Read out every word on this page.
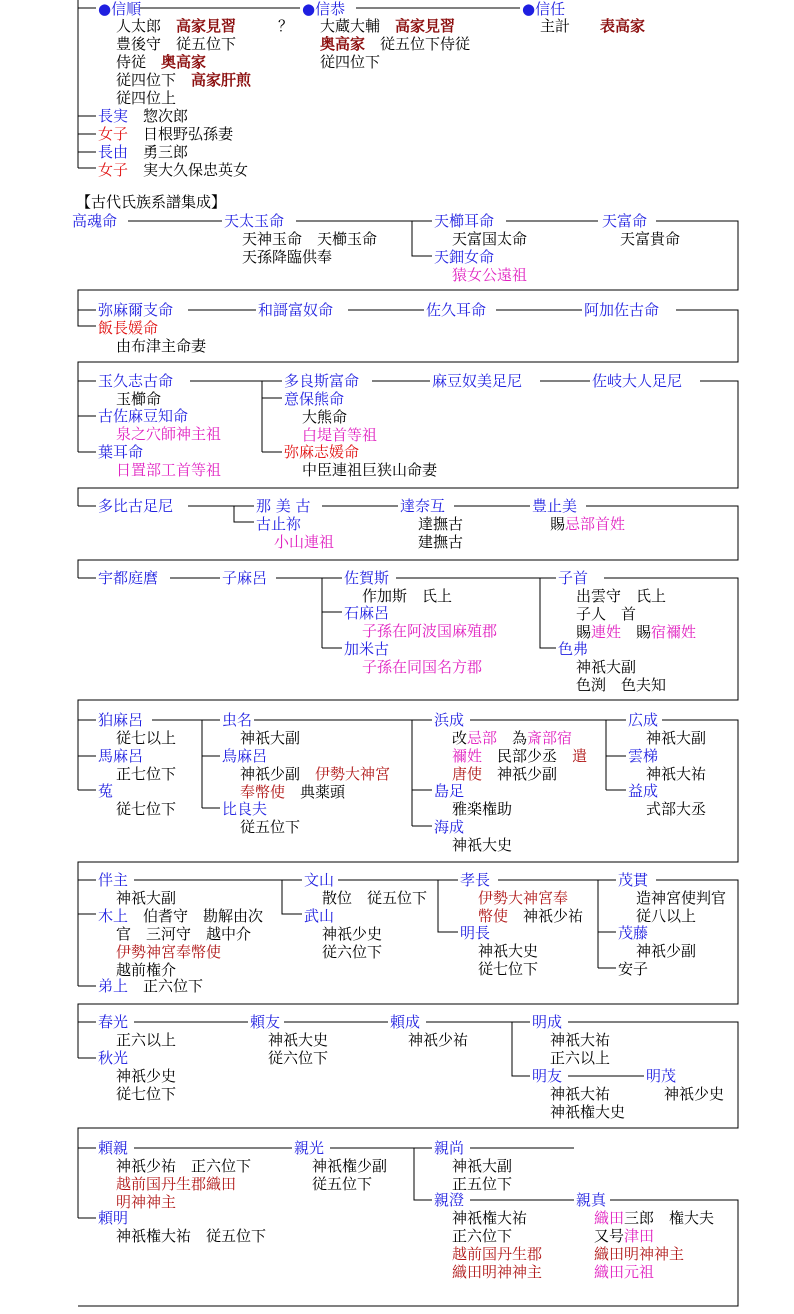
●信順
人太郎　高家見習
豊後守　従五位下
侍従　奥高家
従四位下　高家肝煎
従四位上
？
●信恭
大蔵大輔　高家見習
奥高家　従五位下侍従
従四位下
●信任
主計　　表高家
長実　惣次郎
女子　日根野弘孫妻
長由　勇三郎
女子　実大久保忠英女
【古代氏族系譜集成】
高魂命	天太玉命
天神玉命　天櫛玉命
天孫降臨供奉
天櫛耳命
天富国太命
天鈿女命
猿女公遠祖
天富命
天富貴命
弥麻爾支命
飯長媛命
由布津主命妻
和謌富奴命	佐久耳命	阿加佐古命
玉久志古命
玉櫛命
古佐麻豆知命
泉之穴師神主祖
葉耳命
日置部工首等祖
多良斯富命
意保熊命
大熊命
白堤首等祖
弥麻志媛命
中臣連祖巨狭山命妻
麻豆奴美足尼	佐岐大人足尼
多比古足尼	那 美 古
古止祢
小山連祖
達奈互
達撫古
建撫古
豊止美
賜忌部首姓
宇都庭麿	子麻呂	佐賀斯
作加斯　氏上
石麻呂
子孫在阿波国麻殖郡
加米古
子孫在同国名方郡
子首
出雲守　氏上
子人　首
賜連姓　賜宿禰姓
色弗
神祇大副
色渕　色夫知
狛麻呂
従七以上
馬麻呂
正七位下
菟
従七位下
虫名
神祇大副
鳥麻呂
神祇少副　伊勢大神宮
奉幣使　典薬頭
比良夫
従五位下
浜成
改忌部　為斎部宿
禰姓　民部少丞　遣
唐使　神祇少副
島足
雅楽権助
海成
神祇大史
広成
神祇大副
雲梯
神祇大祐
益成
式部大丞
伴主
神祇大副
木上　伯耆守　勘解由次
官　三河守　越中介
伊勢神宮奉幣使
越前権介
弟上　正六位下
文山
散位　従五位下
武山
神祇少史
従六位下
孝長
伊勢大神宮奉
幣使　神祇少祐
明長
神祇大史
従七位下
茂貫
造神宮使判官
従八以上
茂藤
神祇少副
安子
春光
正六以上
秋光
神祇少史
従七位下
頼友
神祇大史
従六位下
頼成
神祇少祐
明成
神祇大祐
正六以上
明友
神祇大祐
神祇権大史
明茂
神祇少史
頼親
神祇少祐　正六位下
越前国丹生郡織田
明神神主
頼明
神祇権大祐　従五位下
親光
神祇権少副
従五位下
親尚
神祇大副
正五位下
親澄
神祇権大祐
正六位下
越前国丹生郡
織田明神神主
親真
織田三郎　権大夫
又号津田
織田明神神主
織田元祖
